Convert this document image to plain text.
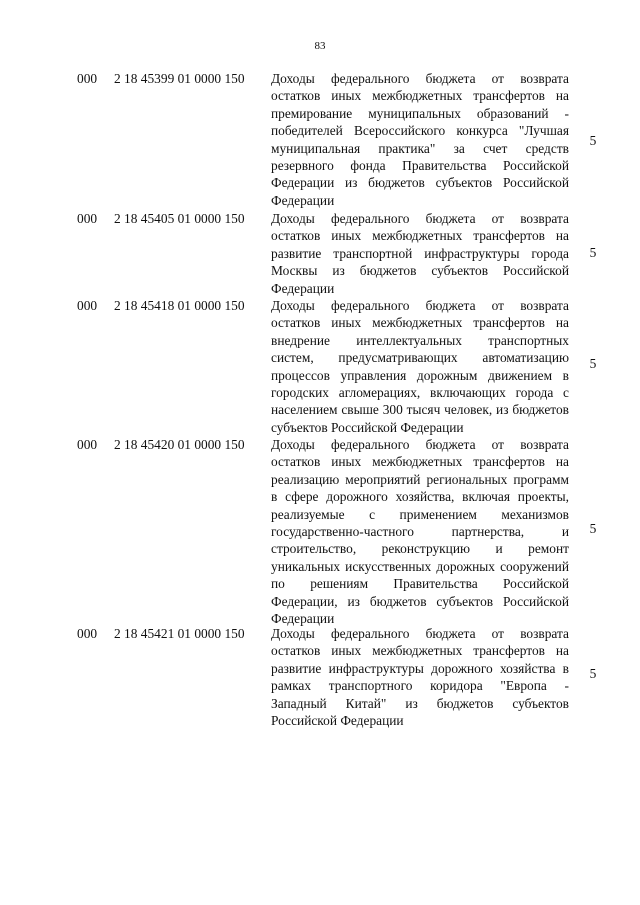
83
000 2 18 45399 01 0000 150 Доходы федерального бюджета от возврата остатков иных межбюджетных трансфертов на премирование муниципальных образований - победителей Всероссийского конкурса "Лучшая муниципальная практика" за счет средств резервного фонда Правительства Российской Федерации из бюджетов субъектов Российской Федерации
5
000 2 18 45405 01 0000 150 Доходы федерального бюджета от возврата остатков иных межбюджетных трансфертов на развитие транспортной инфраструктуры города Москвы из бюджетов субъектов Российской Федерации
5
000 2 18 45418 01 0000 150 Доходы федерального бюджета от возврата остатков иных межбюджетных трансфертов на внедрение интеллектуальных транспортных систем, предусматривающих автоматизацию процессов управления дорожным движением в городских агломерациях, включающих города с населением свыше 300 тысяч человек, из бюджетов субъектов Российской Федерации
5
000 2 18 45420 01 0000 150 Доходы федерального бюджета от возврата остатков иных межбюджетных трансфертов на реализацию мероприятий региональных программ в сфере дорожного хозяйства, включая проекты, реализуемые с применением механизмов государственно-частного партнерства, и строительство, реконструкцию и ремонт уникальных искусственных дорожных сооружений по решениям Правительства Российской Федерации, из бюджетов субъектов Российской Федерации
5
000 2 18 45421 01 0000 150 Доходы федерального бюджета от возврата остатков иных межбюджетных трансфертов на развитие инфраструктуры дорожного хозяйства в рамках транспортного коридора "Европа - Западный Китай" из бюджетов субъектов Российской Федерации
5
